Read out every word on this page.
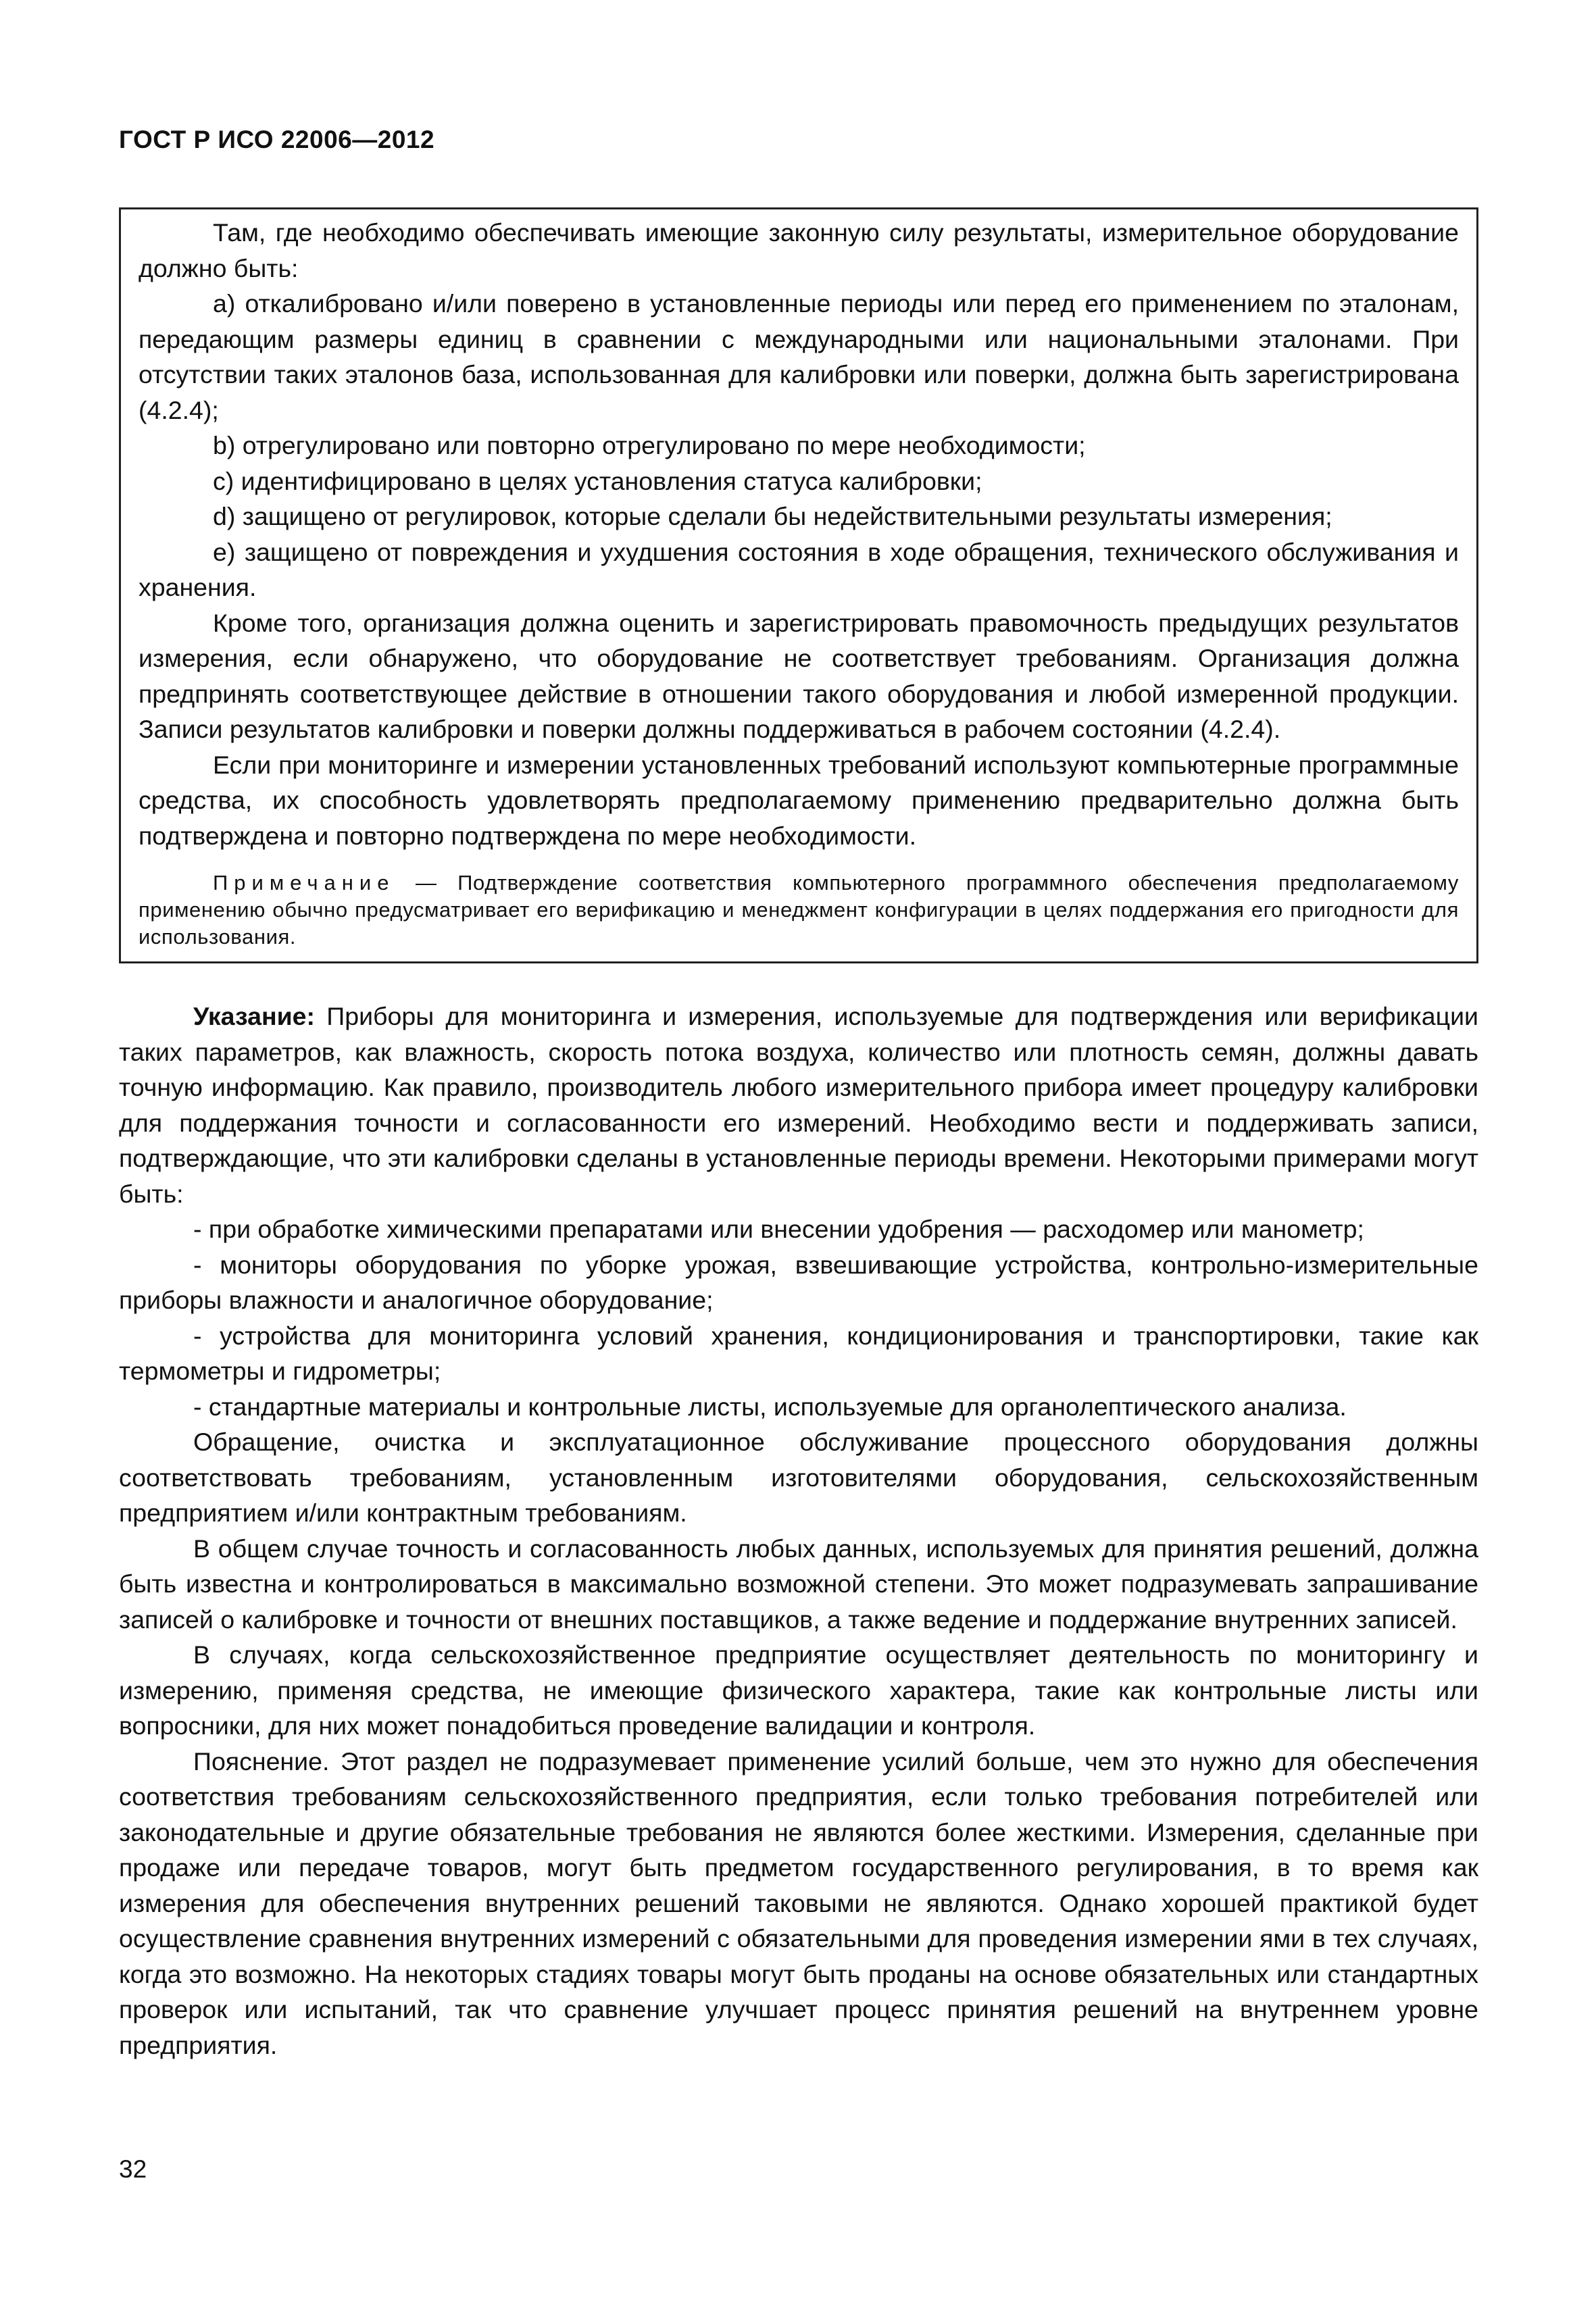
ГОСТ Р ИСО 22006—2012

Там, где необходимо обеспечивать имеющие законную силу результаты, измерительное оборудование должно быть:

a) откалибровано и/или поверено в установленные периоды или перед его применением по эталонам, передающим размеры единиц в сравнении с международными или национальными эталонами. При отсутствии таких эталонов база, использованная для калибровки или поверки, должна быть зарегистрирована (4.2.4);

b) отрегулировано или повторно отрегулировано по мере необходимости;

c) идентифицировано в целях установления статуса калибровки;

d) защищено от регулировок, которые сделали бы недействительными результаты измерения;

e) защищено от повреждения и ухудшения состояния в ходе обращения, технического обслуживания и хранения.

Кроме того, организация должна оценить и зарегистрировать правомочность предыдущих результатов измерения, если обнаружено, что оборудование не соответствует требованиям. Организация должна предпринять соответствующее действие в отношении такого оборудования и любой измеренной продукции. Записи результатов калибровки и поверки должны поддерживаться в рабочем состоянии (4.2.4).

Если при мониторинге и измерении установленных требований используют компьютерные программные средства, их способность удовлетворять предполагаемому применению предварительно должна быть подтверждена и повторно подтверждена по мере необходимости.

Примечание — Подтверждение соответствия компьютерного программного обеспечения предполагаемому применению обычно предусматривает его верификацию и менеджмент конфигурации в целях поддержания его пригодности для использования.

Указание: Приборы для мониторинга и измерения, используемые для подтверждения или верификации таких параметров, как влажность, скорость потока воздуха, количество или плотность семян, должны давать точную информацию. Как правило, производитель любого измерительного прибора имеет процедуру калибровки для поддержания точности и согласованности его измерений. Необходимо вести и поддерживать записи, подтверждающие, что эти калибровки сделаны в установленные периоды времени. Некоторыми примерами могут быть:

- при обработке химическими препаратами или внесении удобрения — расходомер или манометр;

- мониторы оборудования по уборке урожая, взвешивающие устройства, контрольно-измерительные приборы влажности и аналогичное оборудование;

- устройства для мониторинга условий хранения, кондиционирования и транспортировки, такие как термометры и гидрометры;

- стандартные материалы и контрольные листы, используемые для органолептического анализа.

Обращение, очистка и эксплуатационное обслуживание процессного оборудования должны соответствовать требованиям, установленным изготовителями оборудования, сельскохозяйственным предприятием и/или контрактным требованиям.

В общем случае точность и согласованность любых данных, используемых для принятия решений, должна быть известна и контролироваться в максимально возможной степени. Это может подразумевать запрашивание записей о калибровке и точности от внешних поставщиков, а также ведение и поддержание внутренних записей.

В случаях, когда сельскохозяйственное предприятие осуществляет деятельность по мониторингу и измерению, применяя средства, не имеющие физического характера, такие как контрольные листы или вопросники, для них может понадобиться проведение валидации и контроля.

Пояснение. Этот раздел не подразумевает применение усилий больше, чем это нужно для обеспечения соответствия требованиям сельскохозяйственного предприятия, если только требования потребителей или законодательные и другие обязательные требования не являются более жесткими. Измерения, сделанные при продаже или передаче товаров, могут быть предметом государственного регулирования, в то время как измерения для обеспечения внутренних решений таковыми не являются. Однако хорошей практикой будет осуществление сравнения внутренних измерений с обязательными для проведения измерении ями в тех случаях, когда это возможно. На некоторых стадиях товары могут быть проданы на основе обязательных или стандартных проверок или испытаний, так что сравнение улучшает процесс принятия решений на внутреннем уровне предприятия.

32
